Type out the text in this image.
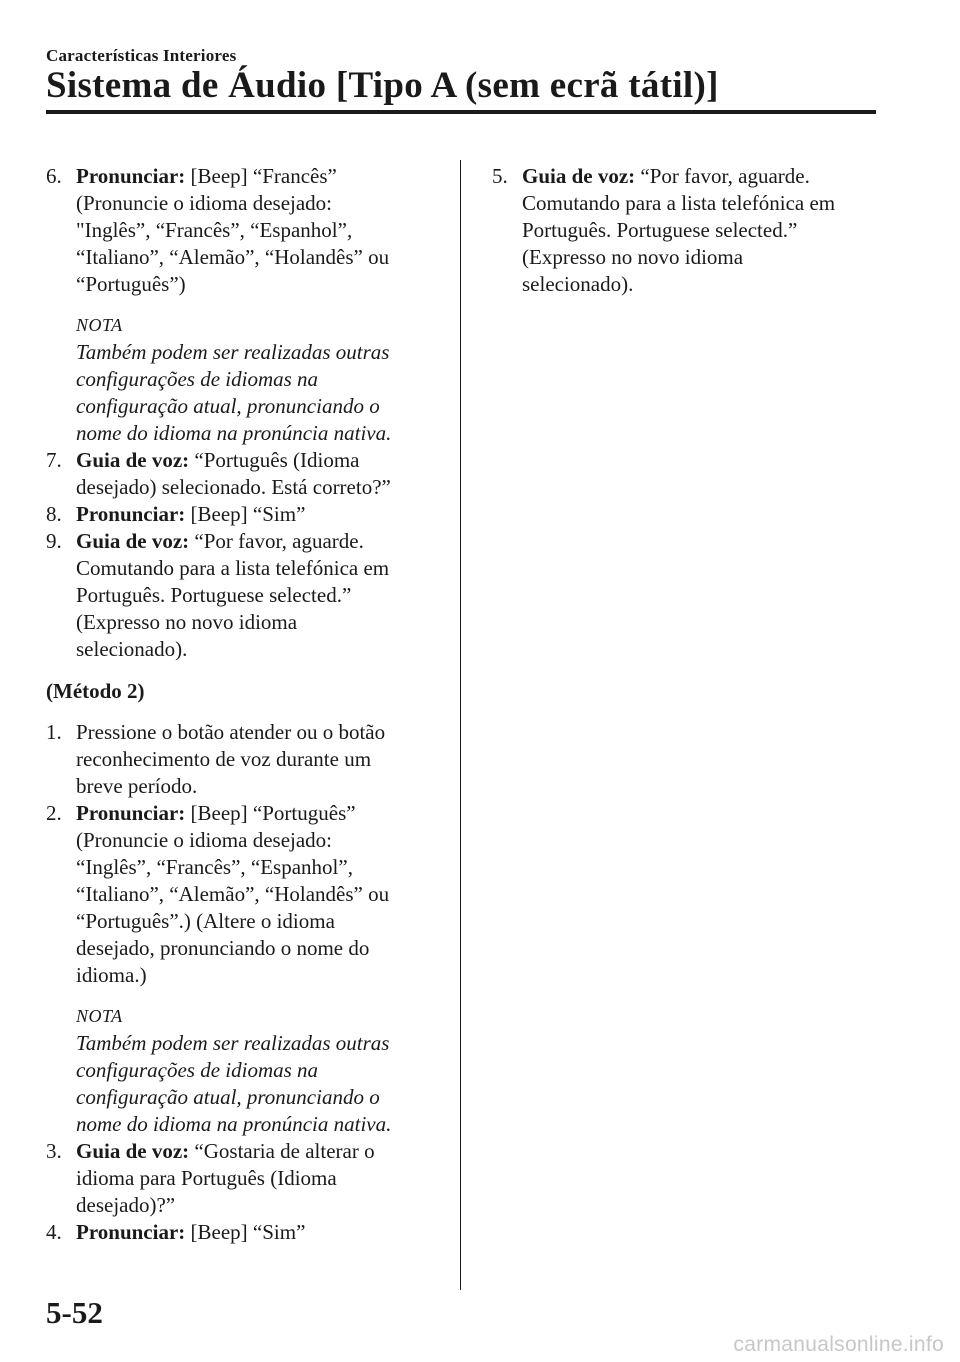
Características Interiores
Sistema de Áudio [Tipo A (sem ecrã tátil)]
6. Pronunciar: [Beep] “Francês”
(Pronuncie o idioma desejado:
"Inglês”, “Francês”, “Espanhol”,
“Italiano”, “Alemão”, “Holandês” ou
“Português”)
NOTA
Também podem ser realizadas outras
configurações de idiomas na
configuração atual, pronunciando o
nome do idioma na pronúncia nativa.
7. Guia de voz: “Português (Idioma
desejado) selecionado. Está correto?”
8. Pronunciar: [Beep] “Sim”
9. Guia de voz: “Por favor, aguarde.
Comutando para a lista telefónica em
Português. Portuguese selected.”
(Expresso no novo idioma
selecionado).
(Método 2)
1. Pressione o botão atender ou o botão
reconhecimento de voz durante um
breve período.
2. Pronunciar: [Beep] “Português”
(Pronuncie o idioma desejado:
“Inglês”, “Francês”, “Espanhol”,
“Italiano”, “Alemão”, “Holandês” ou
“Português”.) (Altere o idioma
desejado, pronunciando o nome do
idioma.)
NOTA
Também podem ser realizadas outras
configurações de idiomas na
configuração atual, pronunciando o
nome do idioma na pronúncia nativa.
3. Guia de voz: “Gostaria de alterar o
idioma para Português (Idioma
desejado)?”
4. Pronunciar: [Beep] “Sim”
5. Guia de voz: “Por favor, aguarde.
Comutando para a lista telefónica em
Português. Portuguese selected.”
(Expresso no novo idioma
selecionado).
5-52
carmanualsonline.info
